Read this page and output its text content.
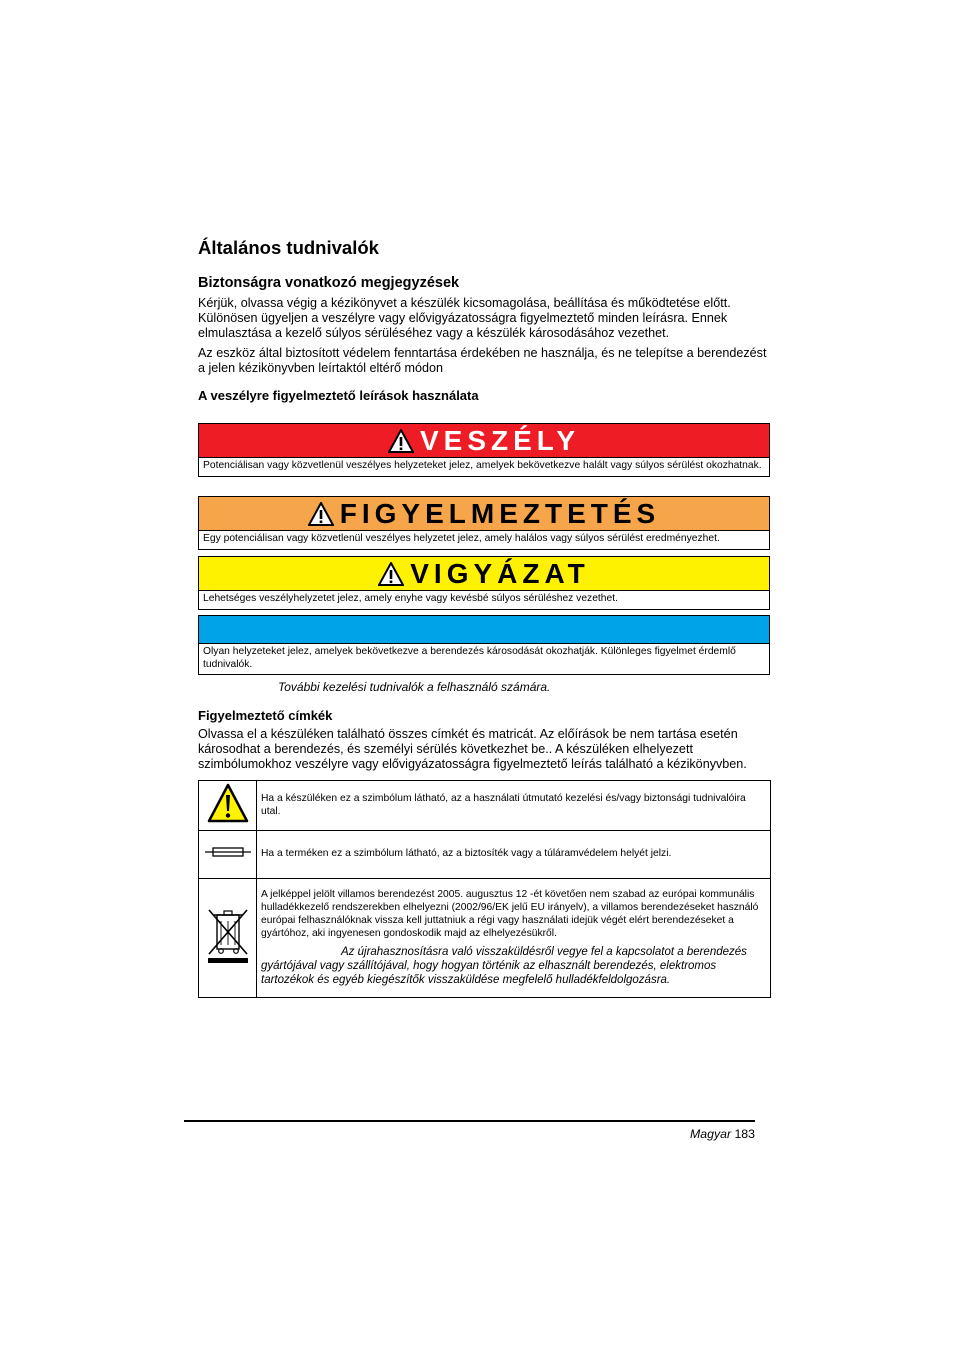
Általános tudnivalók
Biztonságra vonatkozó megjegyzések
Kérjük, olvassa végig a kézikönyvet a készülék kicsomagolása, beállítása és működtetése előtt. Különösen ügyeljen a veszélyre vagy elővigyázatosságra figyelmeztető minden leírásra. Ennek elmulasztása a kezelő súlyos sérüléséhez vagy a készülék károsodásához vezethet.
Az eszköz által biztosított védelem fenntartása érdekében ne használja, és ne telepítse a berendezést a jelen kézikönyvben leírtaktól eltérő módon
A veszélyre figyelmeztető leírások használata
VESZÉLY
Potenciálisan vagy közvetlenül veszélyes helyzeteket jelez, amelyek bekövetkezve halált vagy súlyos sérülést okozhatnak.
FIGYELMEZTETÉS
Egy potenciálisan vagy közvetlenül veszélyes helyzetet jelez, amely halálos vagy súlyos sérülést eredményezhet.
VIGYÁZAT
Lehetséges veszélyhelyzetet jelez, amely enyhe vagy kevésbé súlyos sérüléshez vezethet.
Olyan helyzeteket jelez, amelyek bekövetkezve a berendezés károsodását okozhatják. Különleges figyelmet érdemlő tudnivalók.
További kezelési tudnivalók a felhasználó számára.
Figyelmeztető címkék
Olvassa el a készüléken található összes címkét és matricát. Az előírások be nem tartása esetén károsodhat a berendezés, és személyi sérülés következhet be.. A készüléken elhelyezett szimbólumokhoz veszélyre vagy elővigyázatosságra figyelmeztető leírás található a kézikönyvben.
	Ha a készüléken ez a szimbólum látható, az a használati útmutató kezelési és/vagy biztonsági tudnivalóira utal.
	Ha a terméken ez a szimbólum látható, az a biztosíték vagy a túláramvédelem helyét jelzi.

A jelképpel jelölt villamos berendezést 2005. augusztus 12 -ét követően nem szabad az európai kommunális hulladékkezelő rendszerekben elhelyezni (2002/96/EK jelű EU irányelv), a villamos berendezéseket használó európai felhasználóknak vissza kell juttatniuk a régi vagy használati idejük végét elért berendezéseket a gyártóhoz, aki ingyenesen gondoskodik majd az elhelyezésükről.
Az újrahasznosításra való visszaküldésről vegye fel a kapcsolatot a berendezés gyártójával vagy szállítójával, hogy hogyan történik az elhasznált berendezés, elektromos tartozékok és egyéb kiegészítők visszaküldése megfelelő hulladékfeldolgozásra.
Magyar 183
